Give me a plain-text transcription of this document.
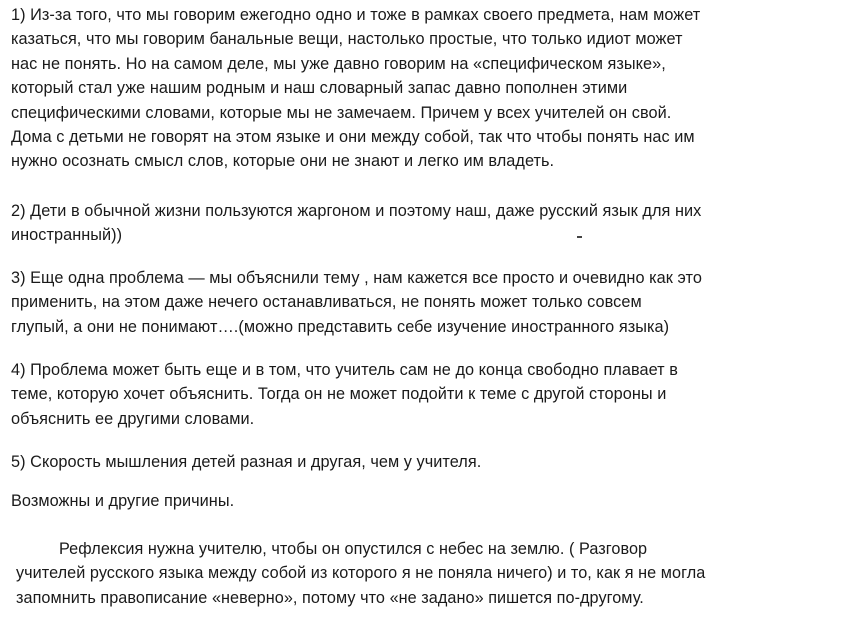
1) Из-за того, что мы говорим ежегодно одно и тоже в рамках своего предмета, нам может
казаться, что мы говорим банальные вещи, настолько простые, что только идиот может
нас не понять. Но на самом деле, мы уже давно говорим на «специфическом языке»,
который стал уже нашим родным и наш словарный запас давно пополнен этими
специфическими словами, которые мы не замечаем. Причем у всех учителей он свой.
Дома с детьми не говорят на этом языке и они между собой, так что чтобы понять нас им
нужно осознать смысл слов, которые они не знают и легко им владеть.

2) Дети в обычной жизни пользуются жаргоном и поэтому наш, даже русский язык для них
иностранный))

3) Еще одна проблема — мы объяснили тему , нам кажется все просто и очевидно как это
применить, на этом даже нечего останавливаться, не понять может только совсем
глупый, а они не понимают….(можно представить себе изучение иностранного языка)

4) Проблема может быть еще и в том, что учитель сам не до конца свободно плавает в
теме, которую хочет объяснить. Тогда он не может подойти к теме с другой стороны и
объяснить ее другими словами.

5) Скорость мышления детей разная и другая, чем у учителя.

Возможны и другие причины.

Рефлексия нужна учителю, чтобы он опустился с небес на землю. ( Разговор
учителей русского языка между собой из которого я не поняла ничего) и то, как я не могла
запомнить правописание «неверно», потому что «не задано» пишется по-другому.
